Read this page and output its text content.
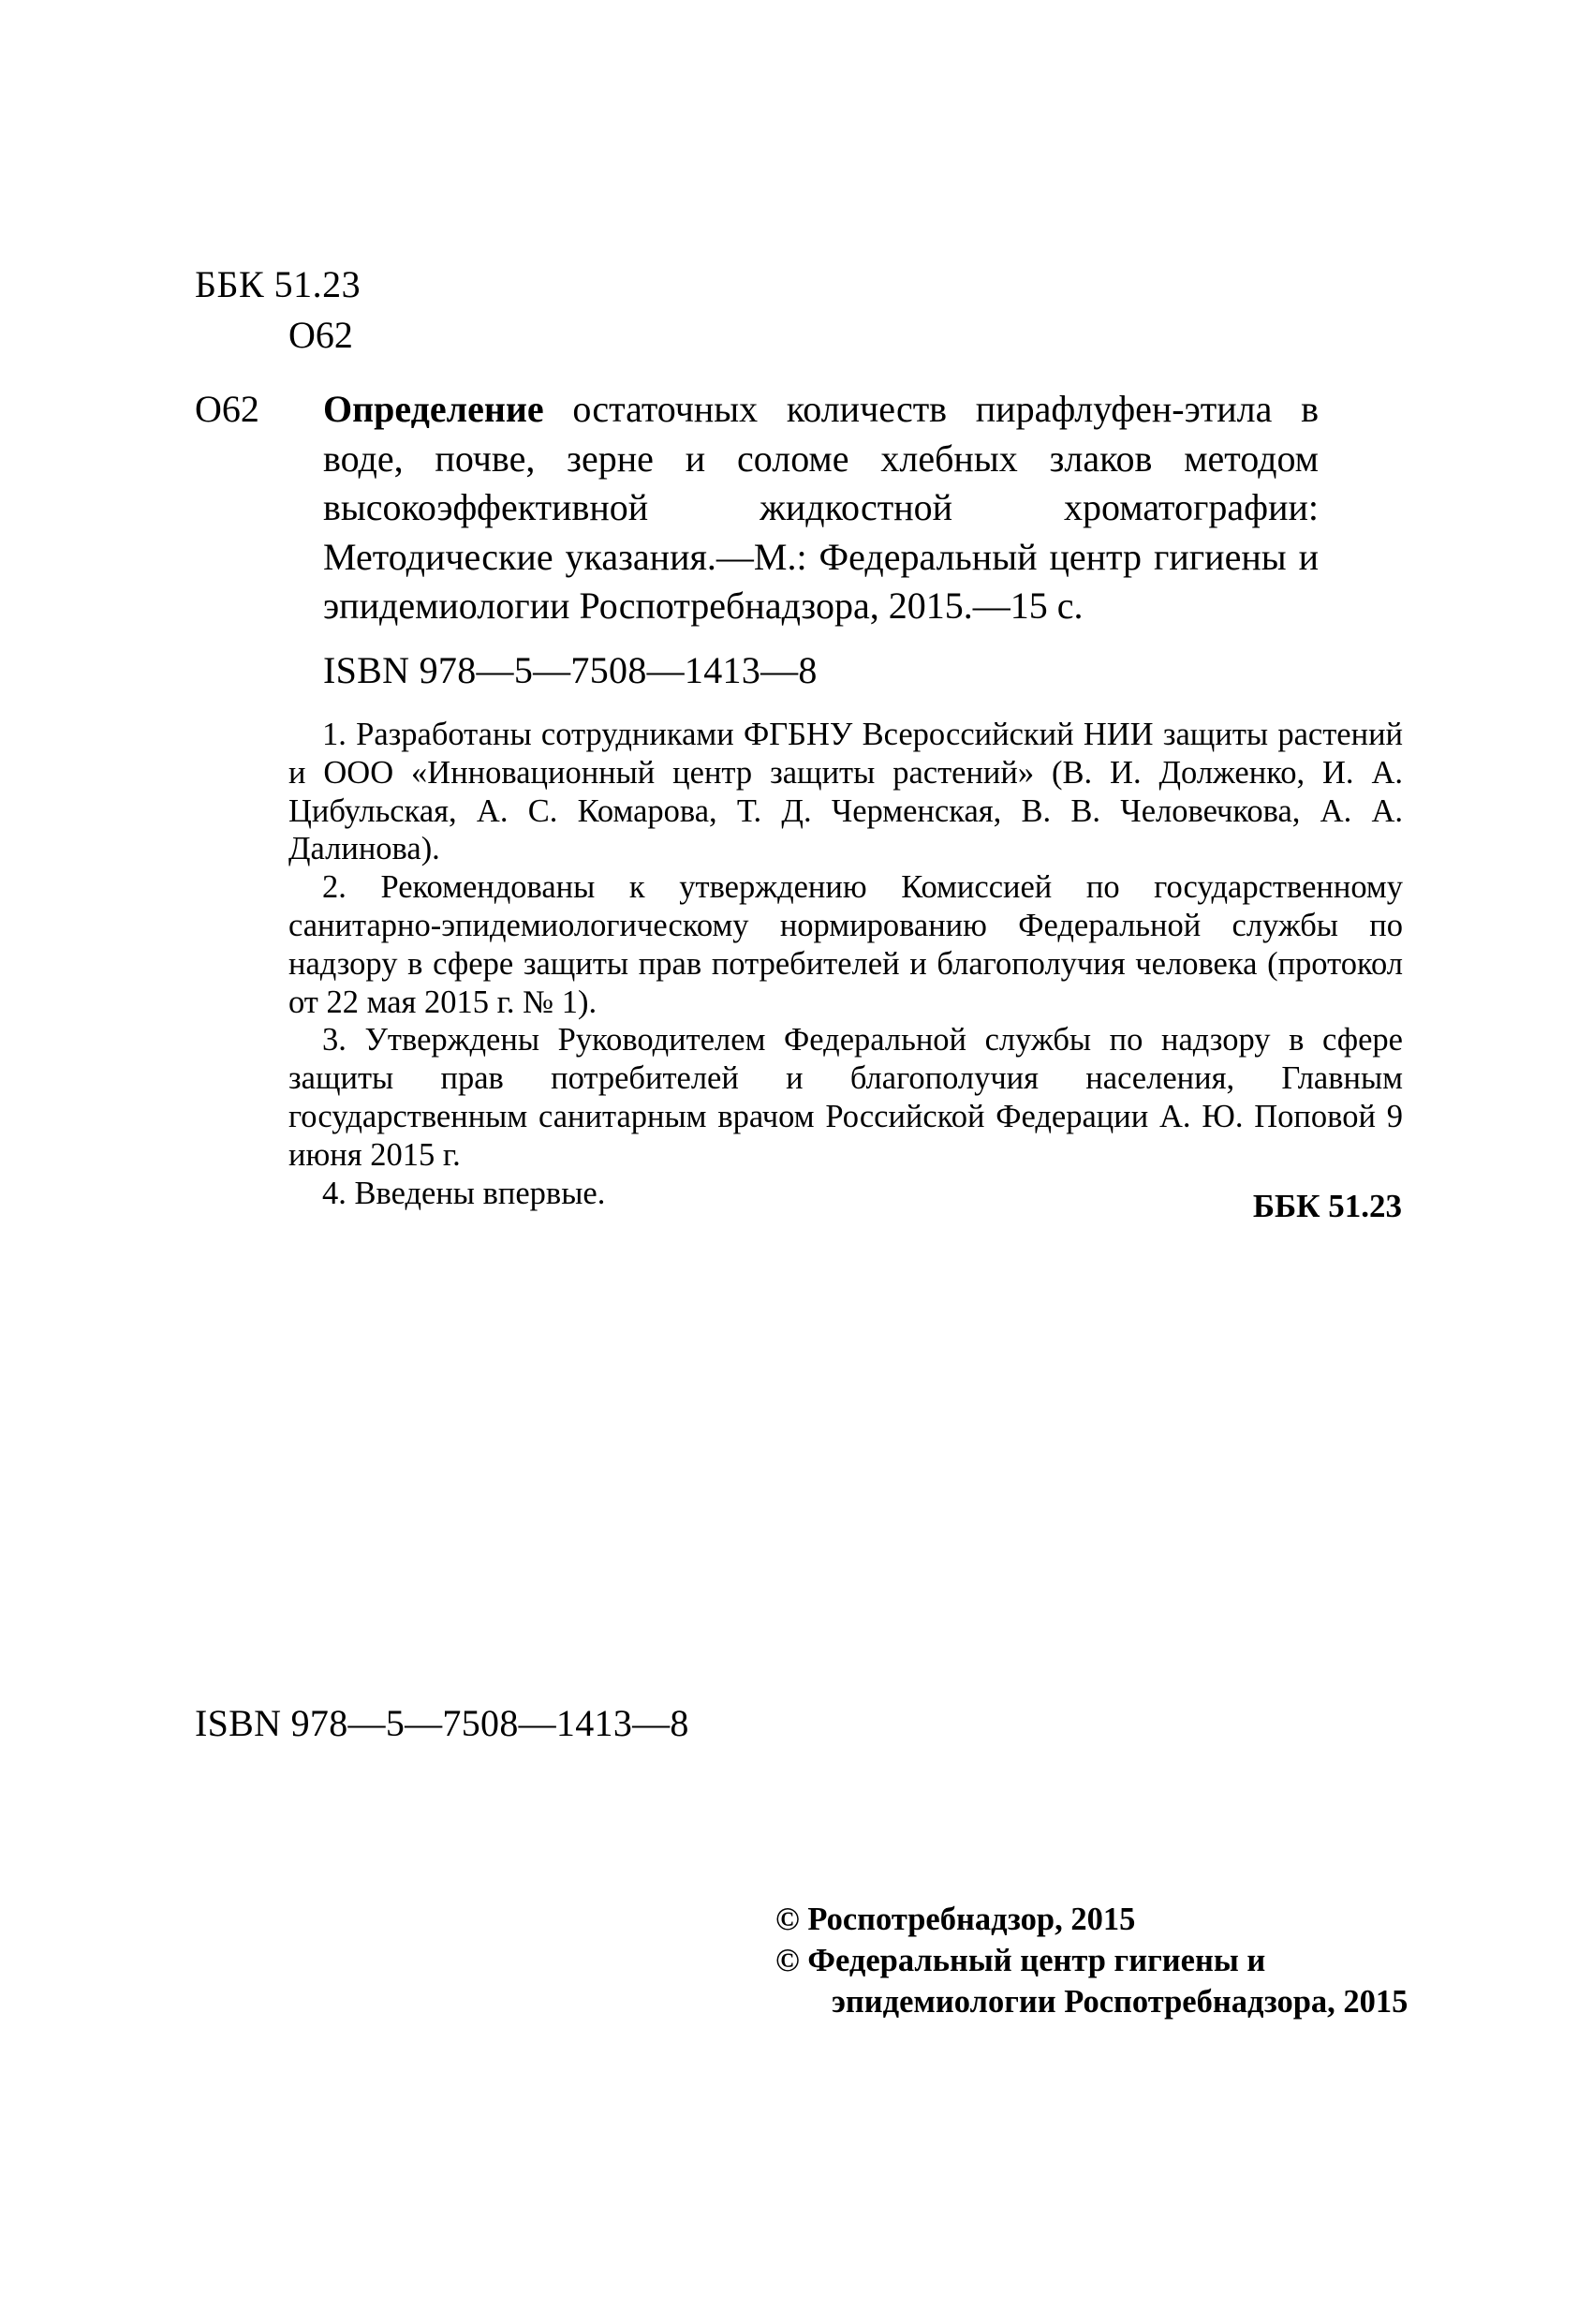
ББК 51.23
О62
О62	Определение остаточных количеств пирафлуфен-этила в воде, почве, зерне и соломе хлебных злаков методом высокоэффективной жидкостной хроматографии: Методические указания.—М.: Федеральный центр гигиены и эпидемиологии Роспотребнадзора, 2015.—15 с.
ISBN 978—5—7508—1413—8

1. Разработаны сотрудниками ФГБНУ Всероссийский НИИ защиты растений и ООО «Инновационный центр защиты растений» (В. И. Долженко, И. А. Цибульская, А. С. Комарова, Т. Д. Черменская, В. В. Человечкова, А. А. Далинова).

2. Рекомендованы к утверждению Комиссией по государственному санитарно-эпидемиологическому нормированию Федеральной службы по надзору в сфере защиты прав потребителей и благополучия человека (протокол от 22 мая 2015 г. № 1).

3. Утверждены Руководителем Федеральной службы по надзору в сфере защиты прав потребителей и благополучия населения, Главным государственным санитарным врачом Российской Федерации А. Ю. Поповой 9 июня 2015 г.

4. Введены впервые.	ББК 51.23
ISBN 978—5—7508—1413—8
© Роспотребнадзор, 2015
© Федеральный центр гигиены и
эпидемиологии Роспотребнадзора, 2015
